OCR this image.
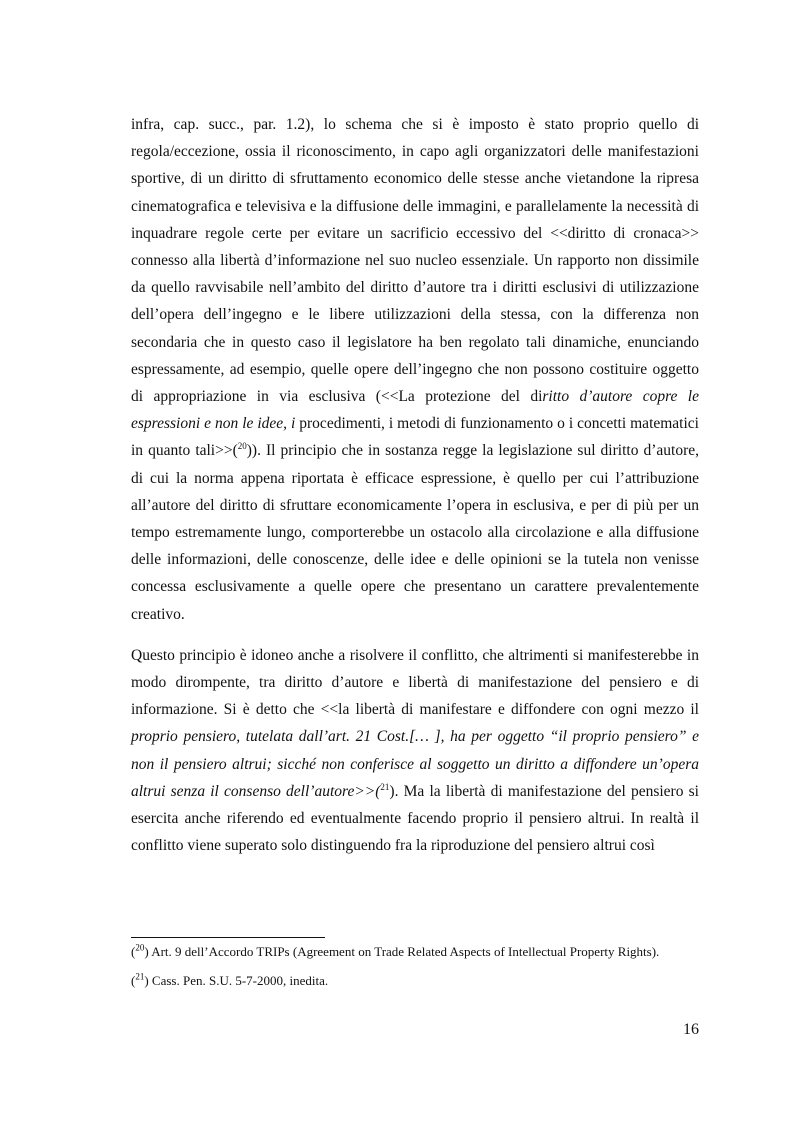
infra, cap. succ., par. 1.2), lo schema che si è imposto è stato proprio quello di regola/eccezione, ossia il riconoscimento, in capo agli organizzatori delle manifestazioni sportive, di un diritto di sfruttamento economico delle stesse anche vietandone la ripresa cinematografica e televisiva e la diffusione delle immagini, e parallelamente la necessità di inquadrare regole certe per evitare un sacrificio eccessivo del <<diritto di cronaca>> connesso alla libertà d’informazione nel suo nucleo essenziale. Un rapporto non dissimile da quello ravvisabile nell’ambito del diritto d’autore tra i diritti esclusivi di utilizzazione dell’opera dell’ingegno e le libere utilizzazioni della stessa, con la differenza non secondaria che in questo caso il legislatore ha ben regolato tali dinamiche, enunciando espressamente, ad esempio, quelle opere dell’ingegno che non possono costituire oggetto di appropriazione in via esclusiva (<<La protezione del diritto d’autore copre le espressioni e non le idee, i procedimenti, i metodi di funzionamento o i concetti matematici in quanto tali>>($^{20}$)). Il principio che in sostanza regge la legislazione sul diritto d’autore, di cui la norma appena riportata è efficace espressione, è quello per cui l’attribuzione all’autore del diritto di sfruttare economicamente l’opera in esclusiva, e per di più per un tempo estremamente lungo, comporterebbe un ostacolo alla circolazione e alla diffusione delle informazioni, delle conoscenze, delle idee e delle opinioni se la tutela non venisse concessa esclusivamente a quelle opere che presentano un carattere prevalentemente creativo.

Questo principio è idoneo anche a risolvere il conflitto, che altrimenti si manifesterebbe in modo dirompente, tra diritto d’autore e libertà di manifestazione del pensiero e di informazione. Si è detto che <<la libertà di manifestare e diffondere con ogni mezzo il proprio pensiero, tutelata dall’art. 21 Cost.[… ], ha per oggetto “il proprio pensiero” e non il pensiero altrui; sicché non conferisce al soggetto un diritto a diffondere un’opera altrui senza il consenso dell’autore>>($^{21}$). Ma la libertà di manifestazione del pensiero si esercita anche riferendo ed eventualmente facendo proprio il pensiero altrui. In realtà il conflitto viene superato solo distinguendo fra la riproduzione del pensiero altrui così

($^{20}$) Art. 9 dell’Accordo TRIPs (Agreement on Trade Related Aspects of Intellectual Property Rights).

($^{21}$) Cass. Pen. S.U. 5-7-2000, inedita.

16
